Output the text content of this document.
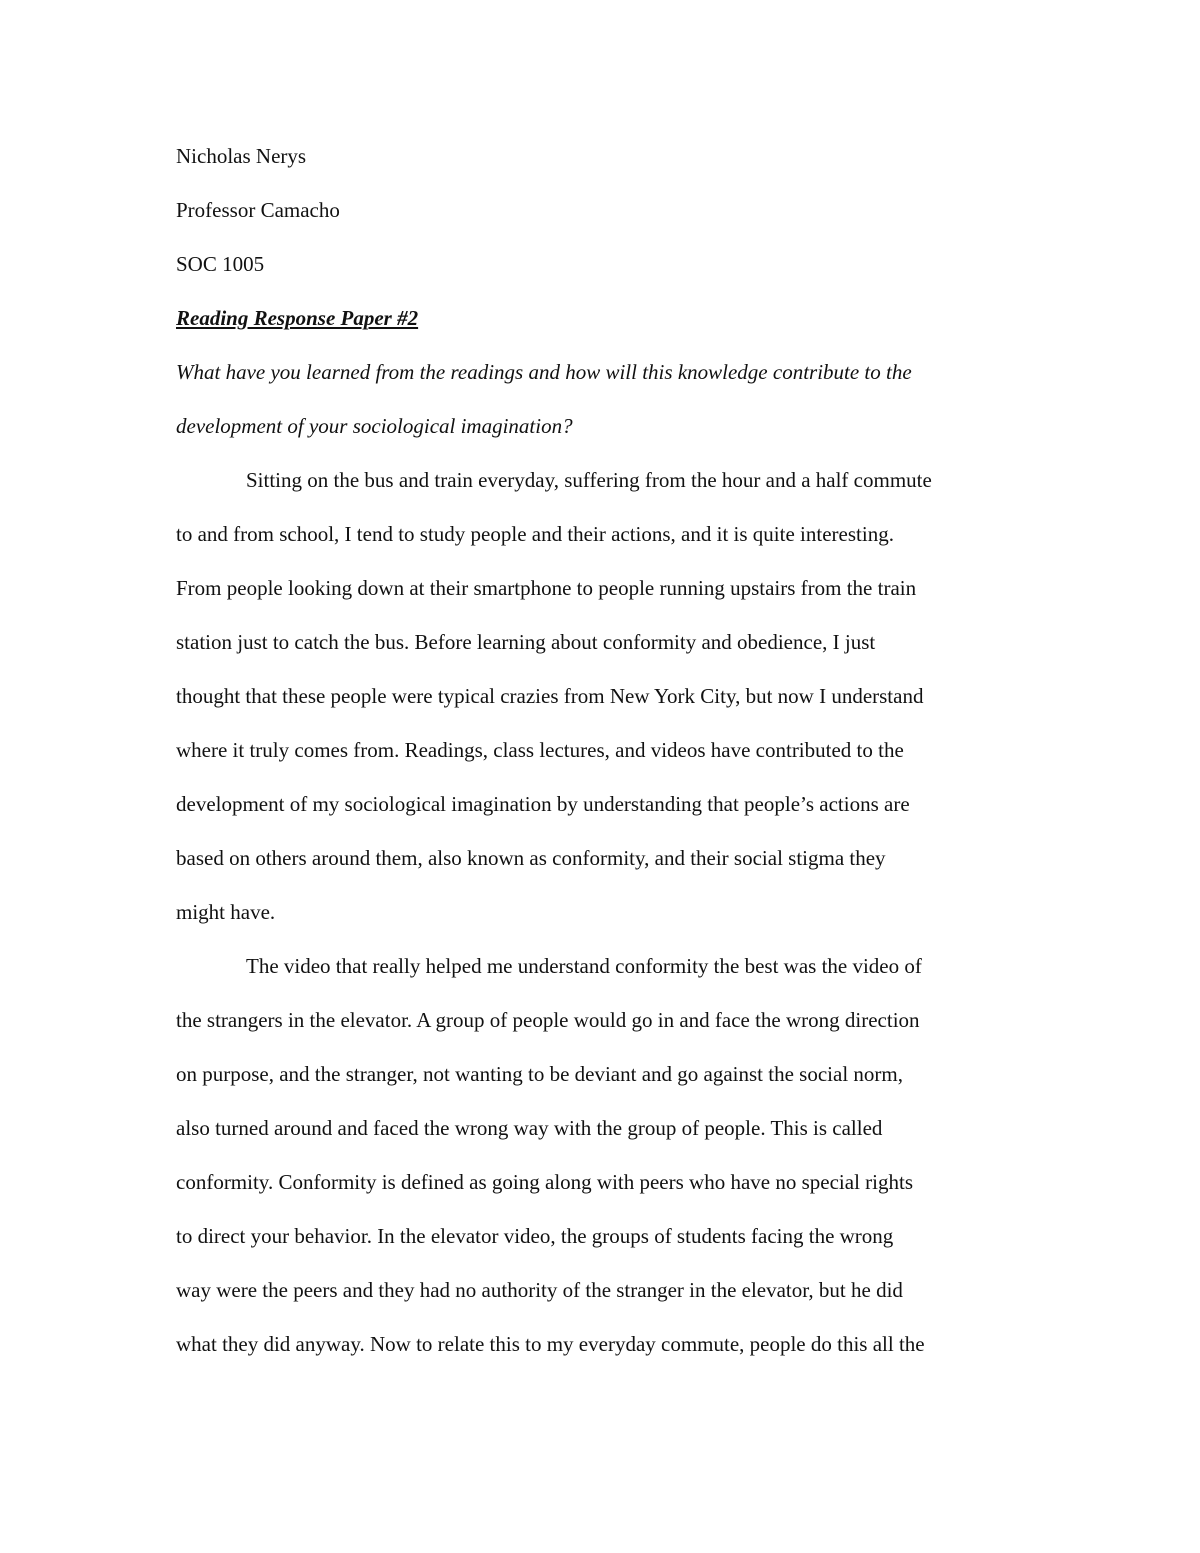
Nicholas Nerys

Professor Camacho

SOC 1005

Reading Response Paper #2

What have you learned from the readings and how will this knowledge contribute to the

development of your sociological imagination?

Sitting on the bus and train everyday, suffering from the hour and a half commute

to and from school, I tend to study people and their actions, and it is quite interesting.

From people looking down at their smartphone to people running upstairs from the train

station just to catch the bus. Before learning about conformity and obedience, I just

thought that these people were typical crazies from New York City, but now I understand

where it truly comes from. Readings, class lectures, and videos have contributed to the

development of my sociological imagination by understanding that people’s actions are

based on others around them, also known as conformity, and their social stigma they

might have.

The video that really helped me understand conformity the best was the video of

the strangers in the elevator. A group of people would go in and face the wrong direction

on purpose, and the stranger, not wanting to be deviant and go against the social norm,

also turned around and faced the wrong way with the group of people. This is called

conformity. Conformity is defined as going along with peers who have no special rights

to direct your behavior. In the elevator video, the groups of students facing the wrong

way were the peers and they had no authority of the stranger in the elevator, but he did

what they did anyway. Now to relate this to my everyday commute, people do this all the
